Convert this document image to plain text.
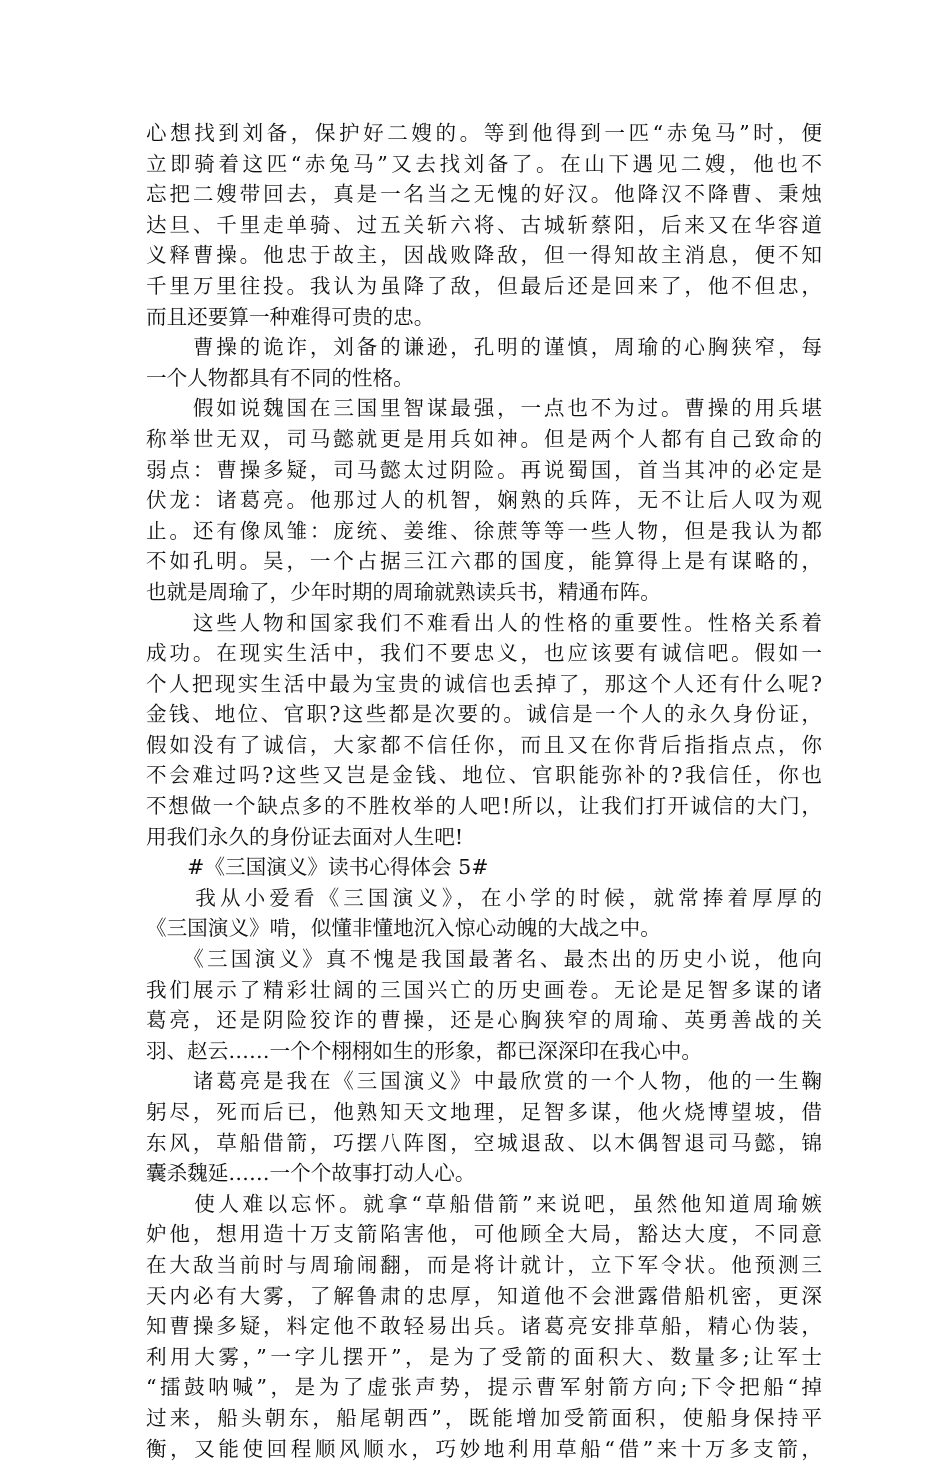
心想找到刘备，保护好二嫂的。等到他得到一匹“赤兔马”时，便
立即骑着这匹“赤兔马”又去找刘备了。在山下遇见二嫂，他也不
忘把二嫂带回去，真是一名当之无愧的好汉。他降汉不降曹、秉烛
达旦、千里走单骑、过五关斩六将、古城斩蔡阳，后来又在华容道
义释曹操。他忠于故主，因战败降敌，但一得知故主消息，便不知
千里万里往投。我认为虽降了敌，但最后还是回来了，他不但忠，
而且还要算一种难得可贵的忠。
　　曹操的诡诈，刘备的谦逊，孔明的谨慎，周瑜的心胸狭窄，每
一个人物都具有不同的性格。
　　假如说魏国在三国里智谋最强，一点也不为过。曹操的用兵堪
称举世无双，司马懿就更是用兵如神。但是两个人都有自己致命的
弱点：曹操多疑，司马懿太过阴险。再说蜀国，首当其冲的必定是
伏龙：诸葛亮。他那过人的机智，娴熟的兵阵，无不让后人叹为观
止。还有像凤雏：庞统、姜维、徐蔗等等一些人物，但是我认为都
不如孔明。吴，一个占据三江六郡的国度，能算得上是有谋略的，
也就是周瑜了，少年时期的周瑜就熟读兵书，精通布阵。
　　这些人物和国家我们不难看出人的性格的重要性。性格关系着
成功。在现实生活中，我们不要忠义，也应该要有诚信吧。假如一
个人把现实生活中最为宝贵的诚信也丢掉了，那这个人还有什么呢?
金钱、地位、官职?这些都是次要的。诚信是一个人的永久身份证，
假如没有了诚信，大家都不信任你，而且又在你背后指指点点，你
不会难过吗?这些又岂是金钱、地位、官职能弥补的?我信任，你也
不想做一个缺点多的不胜枚举的人吧!所以，让我们打开诚信的大门，
用我们永久的身份证去面对人生吧!
　　#《三国演义》读书心得体会 5#
　　我从小爱看《三国演义》，在小学的时候，就常捧着厚厚的
《三国演义》啃，似懂非懂地沉入惊心动魄的大战之中。
　　《三国演义》真不愧是我国最著名、最杰出的历史小说，他向
我们展示了精彩壮阔的三国兴亡的历史画卷。无论是足智多谋的诸
葛亮，还是阴险狡诈的曹操，还是心胸狭窄的周瑜、英勇善战的关
羽、赵云……一个个栩栩如生的形象，都已深深印在我心中。
　　诸葛亮是我在《三国演义》中最欣赏的一个人物，他的一生鞠
躬尽，死而后已，他熟知天文地理，足智多谋，他火烧博望坡，借
东风，草船借箭，巧摆八阵图，空城退敌、以木偶智退司马懿，锦
囊杀魏延……一个个故事打动人心。
　　使人难以忘怀。就拿“草船借箭”来说吧，虽然他知道周瑜嫉
妒他，想用造十万支箭陷害他，可他顾全大局，豁达大度，不同意
在大敌当前时与周瑜闹翻，而是将计就计，立下军令状。他预测三
天内必有大雾，了解鲁肃的忠厚，知道他不会泄露借船机密，更深
知曹操多疑，料定他不敢轻易出兵。诸葛亮安排草船，精心伪装，
利用大雾，”一字儿摆开”，是为了受箭的面积大、数量多;让军士
“擂鼓呐喊”，是为了虚张声势，提示曹军射箭方向;下令把船“掉
过来，船头朝东，船尾朝西”，既能增加受箭面积，使船身保持平
衡，又能使回程顺风顺水，巧妙地利用草船“借”来十万多支箭，
